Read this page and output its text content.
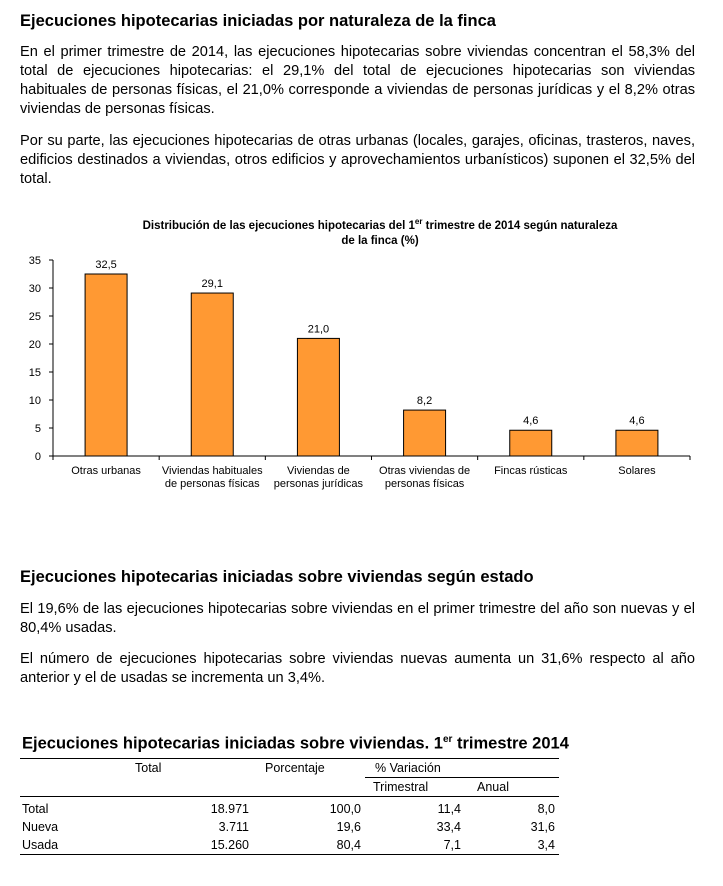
Ejecuciones hipotecarias iniciadas por naturaleza de la finca
En el primer trimestre de 2014, las ejecuciones hipotecarias sobre viviendas concentran el 58,3% del total de ejecuciones hipotecarias: el 29,1% del total de ejecuciones hipotecarias son viviendas habituales de personas físicas, el 21,0% corresponde a viviendas de personas jurídicas y el 8,2% otras viviendas de personas físicas.
Por su parte, las ejecuciones hipotecarias de otras urbanas (locales, garajes, oficinas, trasteros, naves, edificios destinados a viviendas, otros edificios y aprovechamientos urbanísticos) suponen el 32,5% del total.
Distribución de las ejecuciones hipotecarias del 1er trimestre de 2014 según naturaleza
de la finca (%)
0
5
10
15
20
25
30
35	32,5
Otras urbanas
29,1
Viviendas habituales de personas físicas
21,0
Viviendas de personas jurídicas
8,2
Otras viviendas de personas físicas
4,6
Fincas rústicas
4,6
Solares
Ejecuciones hipotecarias iniciadas sobre viviendas según estado
El 19,6% de las ejecuciones hipotecarias sobre viviendas en el primer trimestre del año son nuevas y el 80,4% usadas.
El número de ejecuciones hipotecarias sobre viviendas nuevas aumenta un 31,6% respecto al año anterior y el de usadas se incrementa un 3,4%.
Ejecuciones hipotecarias iniciadas sobre viviendas. 1er trimestre 2014
	Total	Porcentaje	% Variación	
			Trimestral	Anual
Total	18.971	100,0	11,4	8,0
Nueva	3.711	19,6	33,4	31,6
Usada	15.260	80,4	7,1	3,4
